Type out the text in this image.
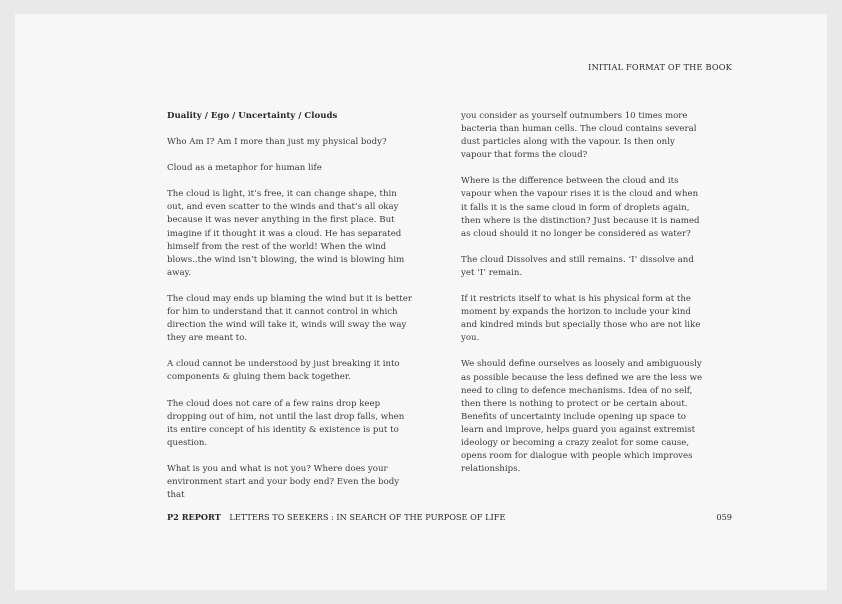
INITIAL FORMAT OF THE BOOK

Duality / Ego / Uncertainty / Clouds

Who Am I? Am I more than just my physical body?

Cloud as a metaphor for human life

The cloud is light, it’s free, it can change shape, thin out, and even scatter to the winds and that’s all okay because it was never anything in the first place. But imagine if it thought it was a cloud. He has separated himself from the rest of the world! When the wind blows..the wind isn’t blowing, the wind is blowing him away.

The cloud may ends up blaming the wind but it is better for him to understand that it cannot control in which direction the wind will take it, winds will sway the way they are meant to.

A cloud cannot be understood by just breaking it into components & gluing them back together.

The cloud does not care of a few rains drop keep dropping out of him, not until the last drop falls, when its entire concept of his identity & existence is put to question.

What is you and what is not you? Where does your environment start and your body end? Even the body that

you consider as yourself outnumbers 10 times more bacteria than human cells. The cloud contains several dust particles along with the vapour. Is then only vapour that forms the cloud?

Where is the difference between the cloud and its vapour when the vapour rises it is the cloud and when it falls it is the same cloud in form of droplets again, then where is the distinction? Just because it is named as cloud should it no longer be considered as water?

The cloud Dissolves and still remains. ‘I’ dissolve and yet ‘I’ remain.

If it restricts itself to what is his physical form at the moment by expands the horizon to include your kind and kindred minds but specially those who are not like you.

We should define ourselves as loosely and ambiguously as possible because the less defined we are the less we need to cling to defence mechanisms. Idea of no self, then there is nothing to protect or be certain about. Benefits of uncertainty include opening up space to learn and improve, helps guard you against extremist ideology or becoming a crazy zealot for some cause, opens room for dialogue with people which improves relationships.

P2 REPORT LETTERS TO SEEKERS : IN SEARCH OF THE PURPOSE OF LIFE	059
